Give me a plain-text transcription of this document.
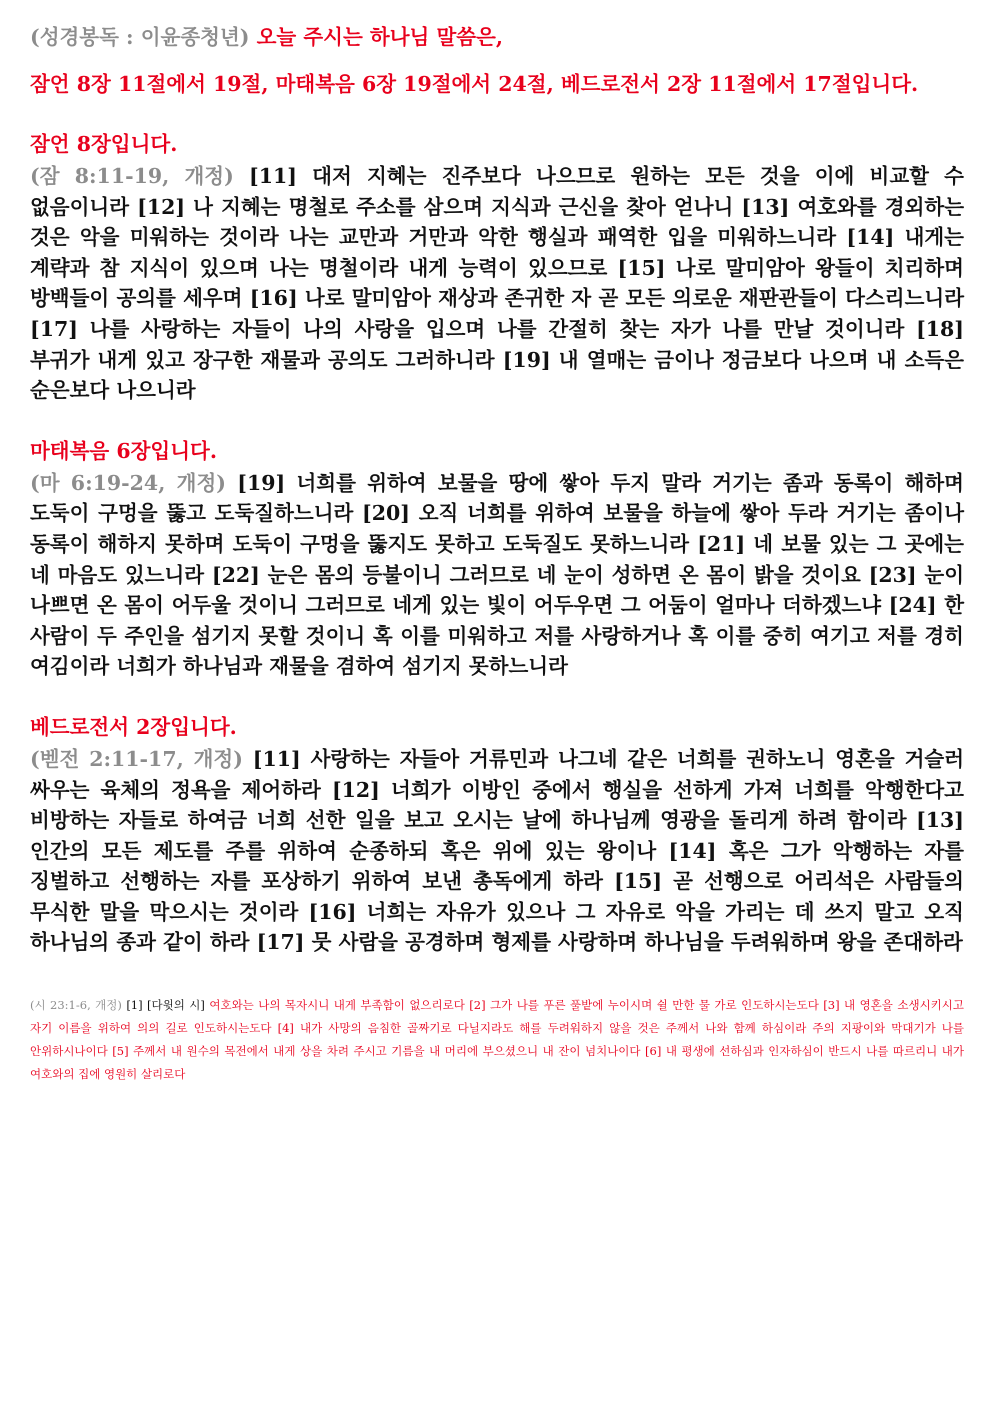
(성경봉독 : 이윤종청년) 오늘 주시는 하나님 말씀은,

잠언 8장 11절에서 19절, 마태복음 6장 19절에서 24절, 베드로전서 2장 11절에서 17절입니다.

잠언 8장입니다.

(잠 8:11-19, 개정) [11] 대저 지혜는 진주보다 나으므로 원하는 모든 것을 이에 비교할 수 없음이니라 [12] 나 지혜는 명철로 주소를 삼으며 지식과 근신을 찾아 얻나니 [13] 여호와를 경외하는 것은 악을 미워하는 것이라 나는 교만과 거만과 악한 행실과 패역한 입을 미워하느니라 [14] 내게는 계략과 참 지식이 있으며 나는 명철이라 내게 능력이 있으므로 [15] 나로 말미암아 왕들이 치리하며 방백들이 공의를 세우며 [16] 나로 말미암아 재상과 존귀한 자 곧 모든 의로운 재판관들이 다스리느니라 [17] 나를 사랑하는 자들이 나의 사랑을 입으며 나를 간절히 찾는 자가 나를 만날 것이니라 [18] 부귀가 내게 있고 장구한 재물과 공의도 그러하니라 [19] 내 열매는 금이나 정금보다 나으며 내 소득은 순은보다 나으니라

마태복음 6장입니다.

(마 6:19-24, 개정) [19] 너희를 위하여 보물을 땅에 쌓아 두지 말라 거기는 좀과 동록이 해하며 도둑이 구멍을 뚫고 도둑질하느니라 [20] 오직 너희를 위하여 보물을 하늘에 쌓아 두라 거기는 좀이나 동록이 해하지 못하며 도둑이 구멍을 뚫지도 못하고 도둑질도 못하느니라 [21] 네 보물 있는 그 곳에는 네 마음도 있느니라 [22] 눈은 몸의 등불이니 그러므로 네 눈이 성하면 온 몸이 밝을 것이요 [23] 눈이 나쁘면 온 몸이 어두울 것이니 그러므로 네게 있는 빛이 어두우면 그 어둠이 얼마나 더하겠느냐 [24] 한 사람이 두 주인을 섬기지 못할 것이니 혹 이를 미워하고 저를 사랑하거나 혹 이를 중히 여기고 저를 경히 여김이라 너희가 하나님과 재물을 겸하여 섬기지 못하느니라

베드로전서 2장입니다.

(벧전 2:11-17, 개정) [11] 사랑하는 자들아 거류민과 나그네 같은 너희를 권하노니 영혼을 거슬러 싸우는 육체의 정욕을 제어하라 [12] 너희가 이방인 중에서 행실을 선하게 가져 너희를 악행한다고 비방하는 자들로 하여금 너희 선한 일을 보고 오시는 날에 하나님께 영광을 돌리게 하려 함이라 [13] 인간의 모든 제도를 주를 위하여 순종하되 혹은 위에 있는 왕이나 [14] 혹은 그가 악행하는 자를 징벌하고 선행하는 자를 포상하기 위하여 보낸 총독에게 하라 [15] 곧 선행으로 어리석은 사람들의 무식한 말을 막으시는 것이라 [16] 너희는 자유가 있으나 그 자유로 악을 가리는 데 쓰지 말고 오직 하나님의 종과 같이 하라 [17] 뭇 사람을 공경하며 형제를 사랑하며 하나님을 두려워하며 왕을 존대하라

(시 23:1-6, 개정) [1] [다윗의 시] 여호와는 나의 목자시니 내게 부족함이 없으리로다 [2] 그가 나를 푸른 풀밭에 누이시며 쉴 만한 물 가로 인도하시는도다 [3] 내 영혼을 소생시키시고 자기 이름을 위하여 의의 길로 인도하시는도다 [4] 내가 사망의 음침한 골짜기로 다닐지라도 해를 두려워하지 않을 것은 주께서 나와 함께 하심이라 주의 지팡이와 막대기가 나를 안위하시나이다 [5] 주께서 내 원수의 목전에서 내게 상을 차려 주시고 기름을 내 머리에 부으셨으니 내 잔이 넘치나이다 [6] 내 평생에 선하심과 인자하심이 반드시 나를 따르리니 내가 여호와의 집에 영원히 살리로다
